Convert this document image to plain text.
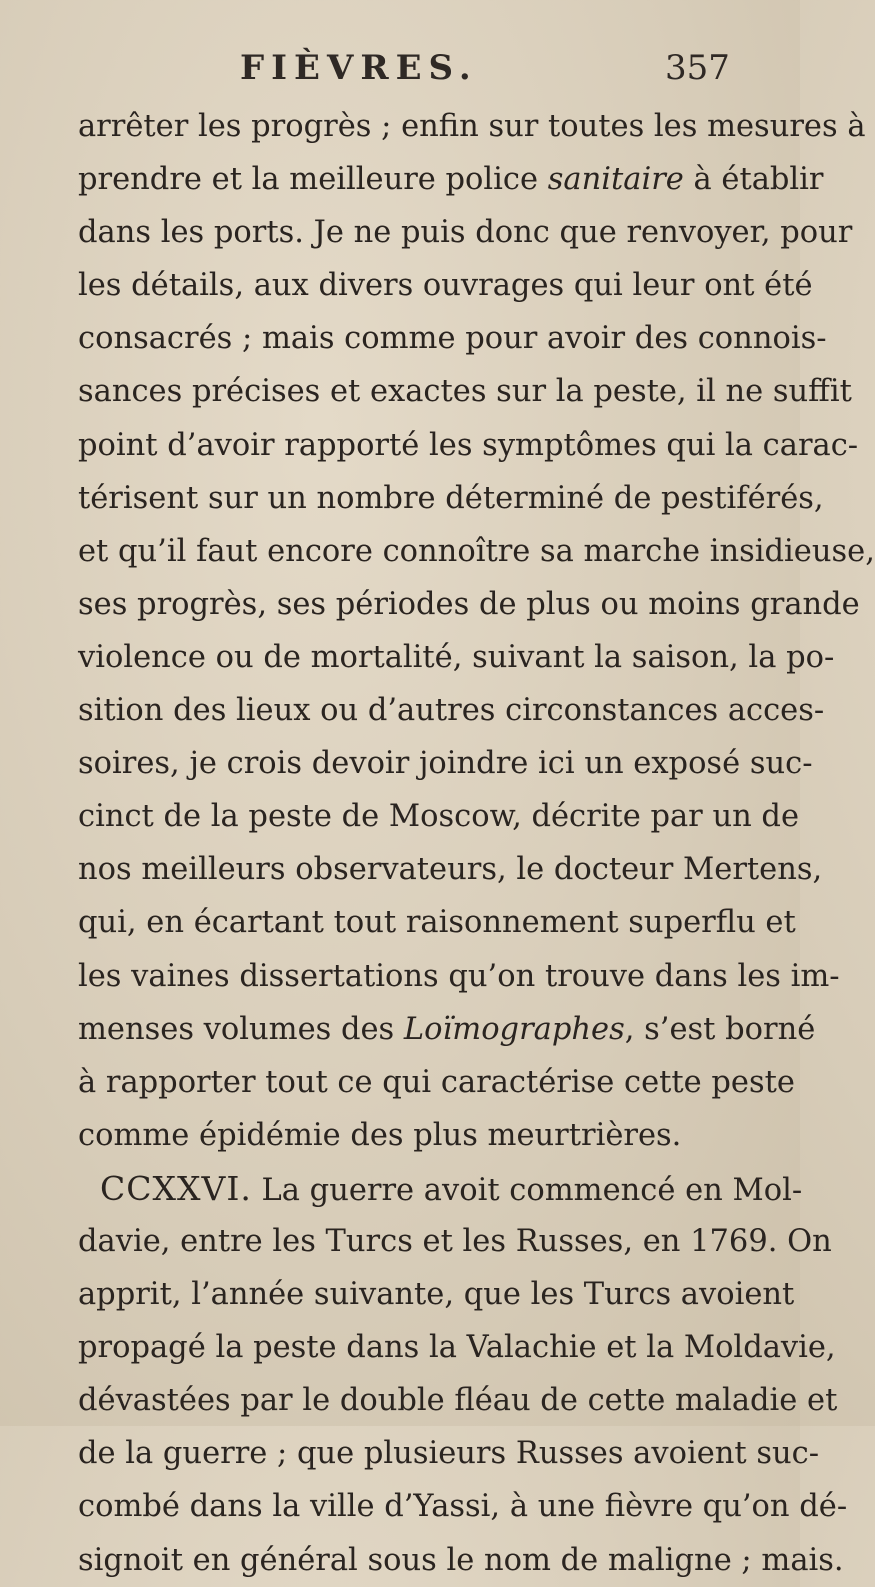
FIÈVRES.	357
arrêter les progrès ; enfin sur toutes les mesures à
prendre et la meilleure police sanitaire à établir
dans les ports. Je ne puis donc que renvoyer, pour
les détails, aux divers ouvrages qui leur ont été
consacrés ; mais comme pour avoir des connois-
sances précises et exactes sur la peste, il ne suffit
point d’avoir rapporté les symptômes qui la carac-
térisent sur un nombre déterminé de pestiférés,
et qu’il faut encore connoître sa marche insidieuse,
ses progrès, ses périodes de plus ou moins grande
violence ou de mortalité, suivant la saison, la po-
sition des lieux ou d’autres circonstances acces-
soires, je crois devoir joindre ici un exposé suc-
cinct de la peste de Moscow, décrite par un de
nos meilleurs observateurs, le docteur Mertens,
qui, en écartant tout raisonnement superflu et
les vaines dissertations qu’on trouve dans les im-
menses volumes des Loïmographes, s’est borné
à rapporter tout ce qui caractérise cette peste
comme épidémie des plus meurtrières.
CCXXVI. La guerre avoit commencé en Mol-
davie, entre les Turcs et les Russes, en 1769. On
apprit, l’année suivante, que les Turcs avoient
propagé la peste dans la Valachie et la Moldavie,
dévastées par le double fléau de cette maladie et
de la guerre ; que plusieurs Russes avoient suc-
combé dans la ville d’Yassi, à une fièvre qu’on dé-
signoit en général sous le nom de maligne ; mais.
